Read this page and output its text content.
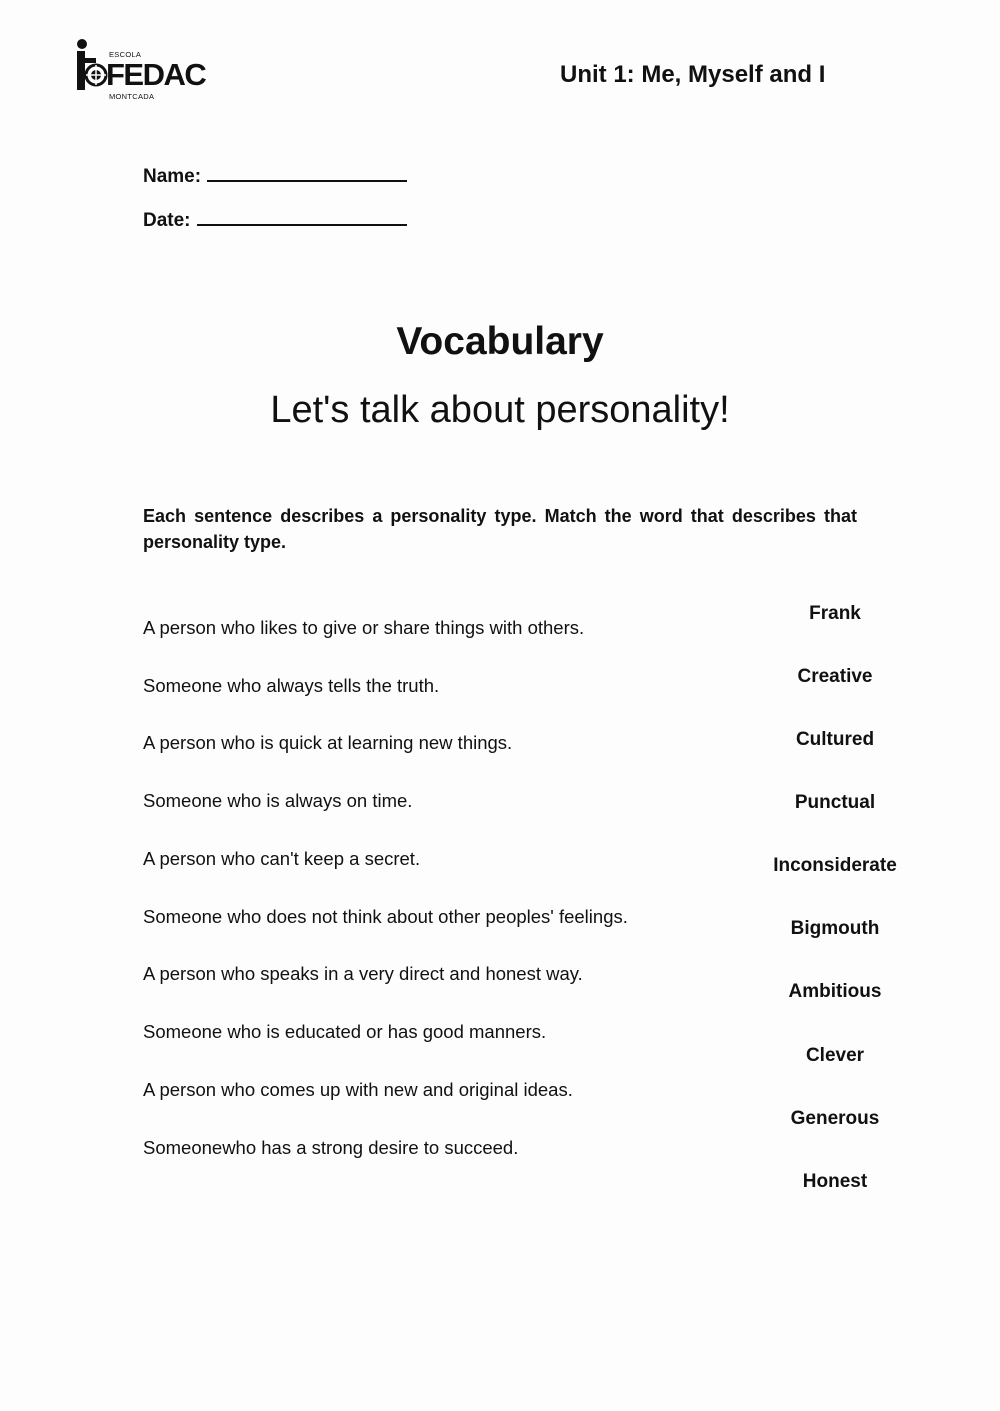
ESCOLA
FEDAC
MONTCADA
Unit 1: Me, Myself and I
Name:
Date:
Vocabulary
Let's talk about personality!
Each sentence describes a personality type. Match the word that describes that personality type.
A person who likes to give or share things with others.
Someone who always tells the truth.
A person who is quick at learning new things.
Someone who is always on time.
A person who can't keep a secret.
Someone who does not think about other peoples' feelings.
A person who speaks in a very direct and honest way.
Someone who is educated or has good manners.
A person who comes up with new and original ideas.
Someonewho has a strong desire to succeed.
Frank
Creative
Cultured
Punctual
Inconsiderate
Bigmouth
Ambitious
Clever
Generous
Honest
